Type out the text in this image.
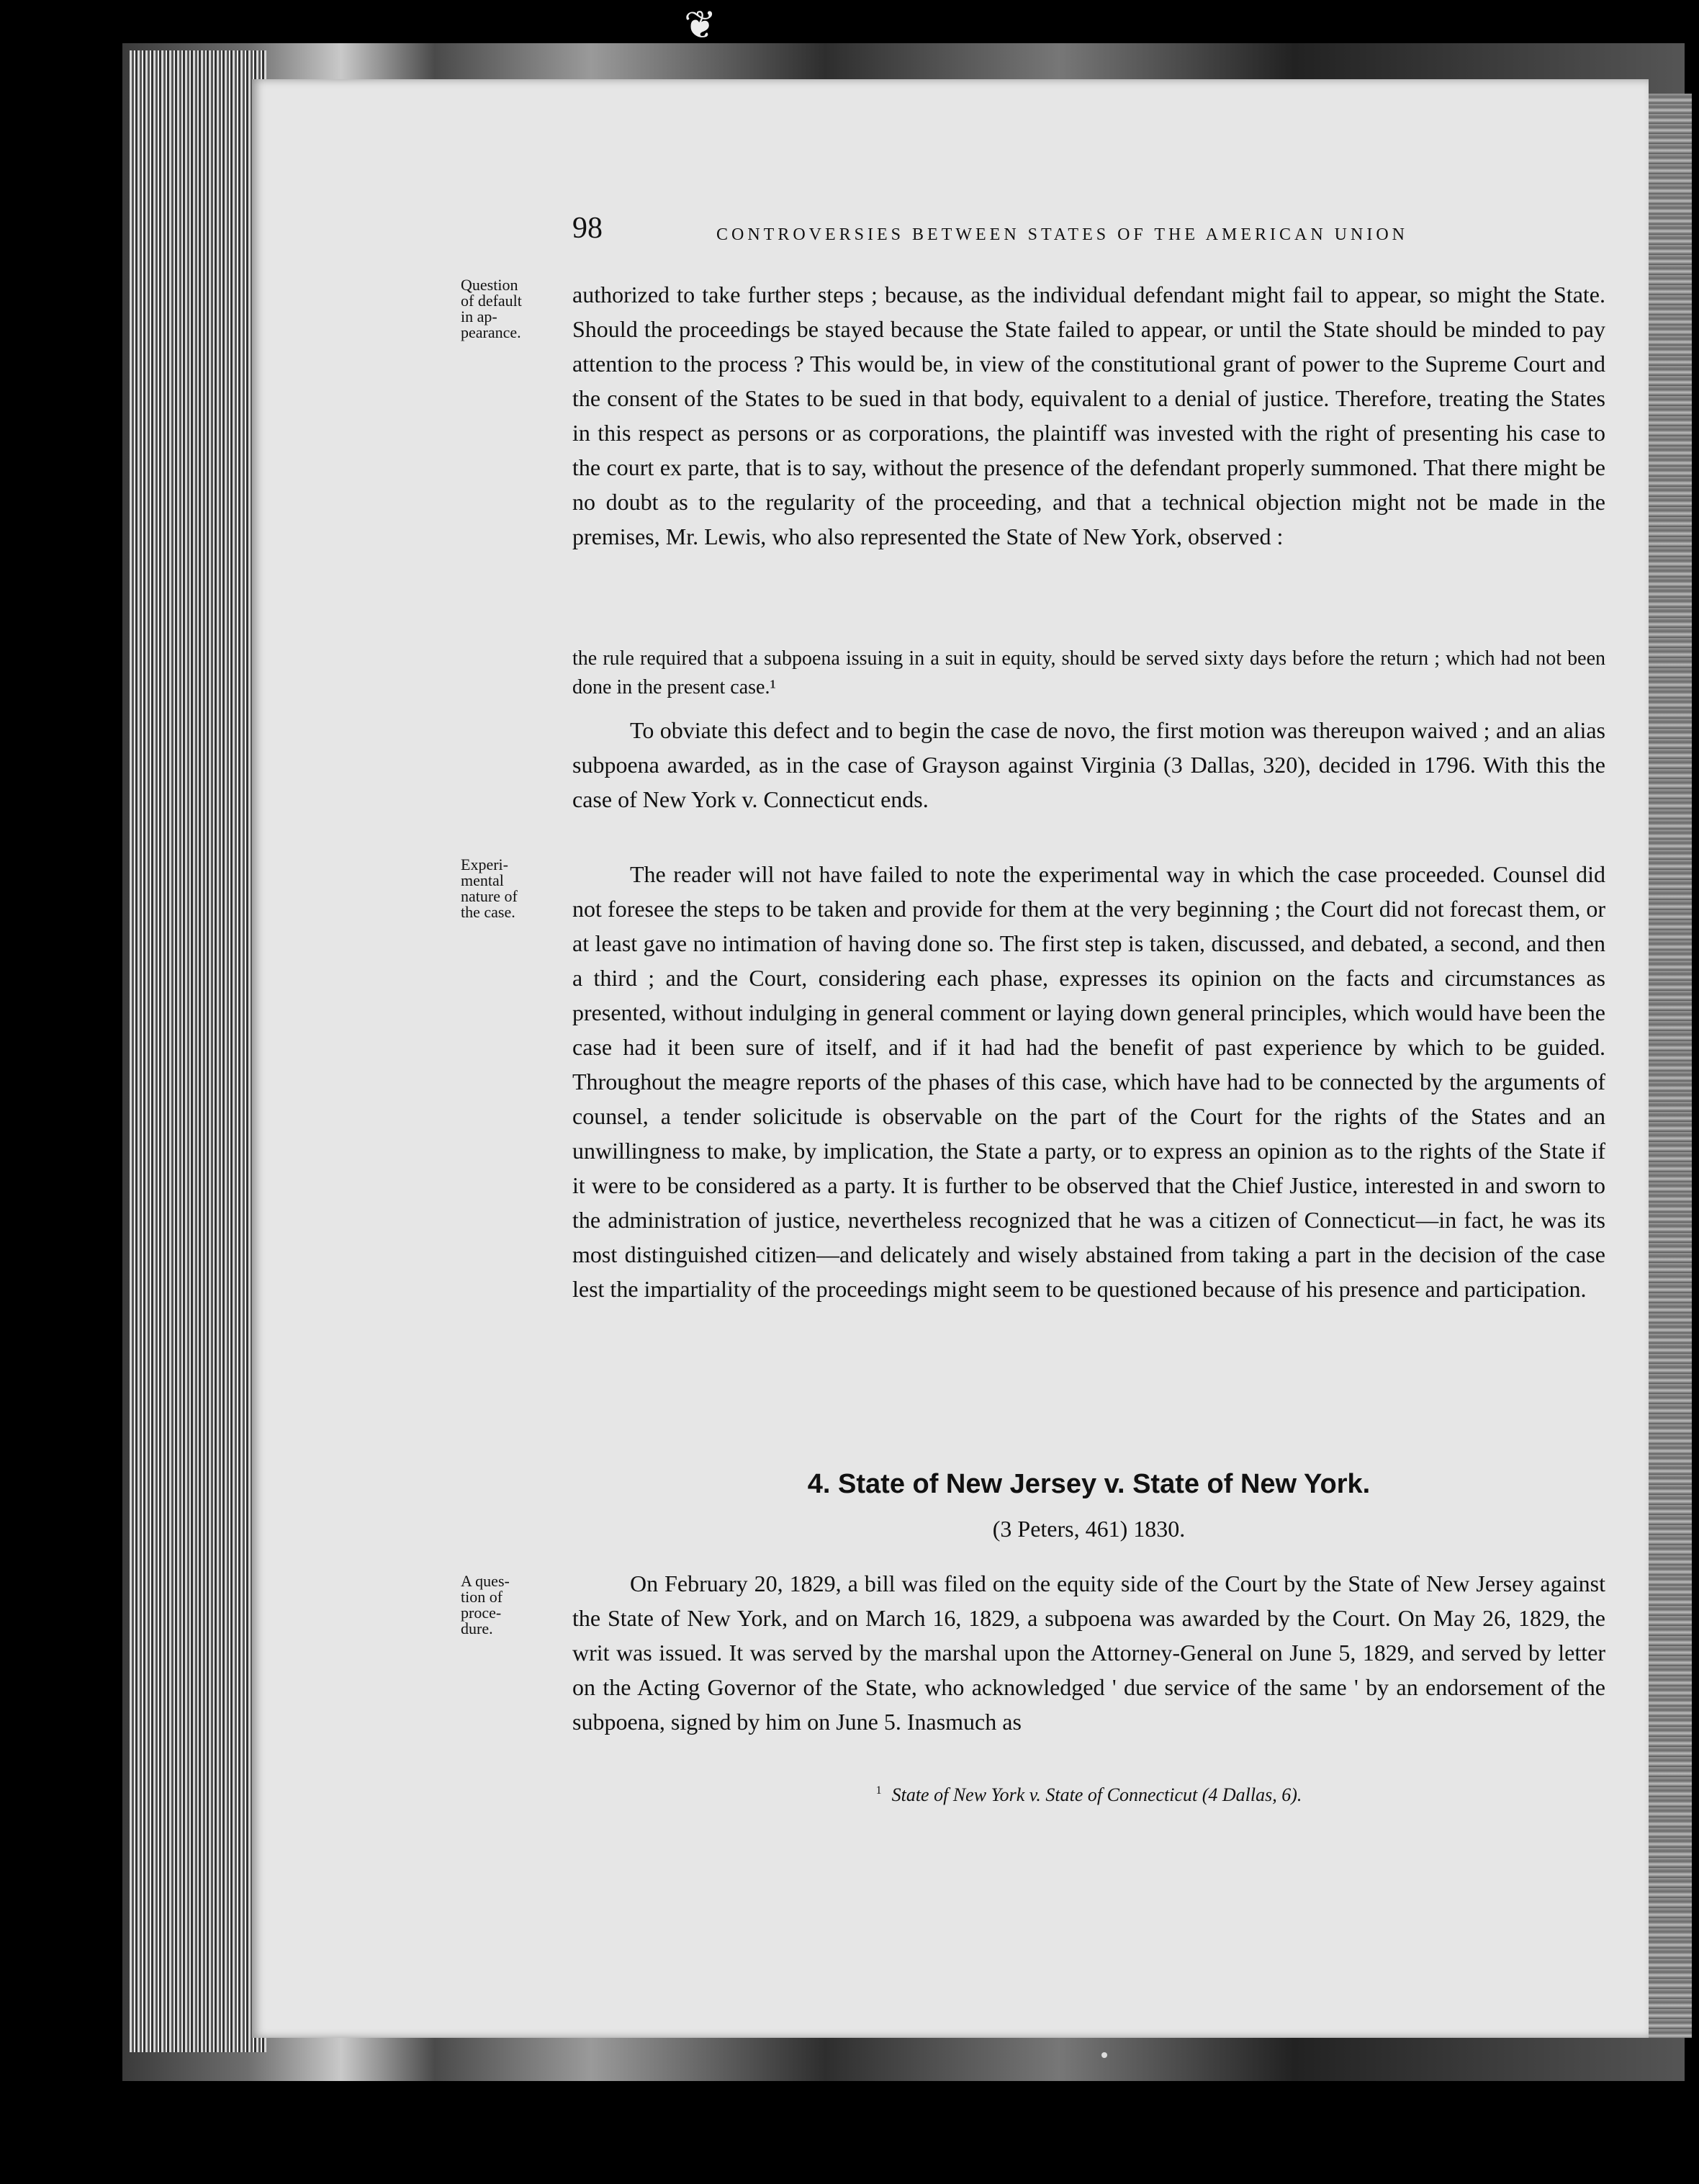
❦
98	CONTROVERSIES BETWEEN STATES OF THE AMERICAN UNION
Question
of default
in ap-
pearance.

authorized to take further steps ; because, as the individual defendant might fail to appear, so might the State. Should the proceedings be stayed because the State failed to appear, or until the State should be minded to pay attention to the process ? This would be, in view of the constitutional grant of power to the Supreme Court and the consent of the States to be sued in that body, equivalent to a denial of justice. Therefore, treating the States in this respect as persons or as corporations, the plaintiff was invested with the right of presenting his case to the court ex parte, that is to say, without the presence of the defendant properly summoned. That there might be no doubt as to the regularity of the proceeding, and that a technical objection might not be made in the premises, Mr. Lewis, who also represented the State of New York, observed :

the rule required that a subpoena issuing in a suit in equity, should be served sixty days before the return ; which had not been done in the present case.¹

To obviate this defect and to begin the case de novo, the first motion was thereupon waived ; and an alias subpoena awarded, as in the case of Grayson against Virginia (3 Dallas, 320), decided in 1796. With this the case of New York v. Connecticut ends.

Experi-
mental
nature of
the case.

The reader will not have failed to note the experimental way in which the case proceeded. Counsel did not foresee the steps to be taken and provide for them at the very beginning ; the Court did not forecast them, or at least gave no intimation of having done so. The first step is taken, discussed, and debated, a second, and then a third ; and the Court, considering each phase, expresses its opinion on the facts and circumstances as presented, without indulging in general comment or laying down general principles, which would have been the case had it been sure of itself, and if it had had the benefit of past experience by which to be guided. Throughout the meagre reports of the phases of this case, which have had to be connected by the arguments of counsel, a tender solicitude is observable on the part of the Court for the rights of the States and an unwillingness to make, by implication, the State a party, or to express an opinion as to the rights of the State if it were to be considered as a party. It is further to be observed that the Chief Justice, interested in and sworn to the administration of justice, nevertheless recognized that he was a citizen of Connecticut—in fact, he was its most distinguished citizen—and delicately and wisely abstained from taking a part in the decision of the case lest the impartiality of the proceedings might seem to be questioned because of his presence and participation.

4. State of New Jersey v. State of New York.
(3 Peters, 461) 1830.
A ques-
tion of
proce-
dure.

On February 20, 1829, a bill was filed on the equity side of the Court by the State of New Jersey against the State of New York, and on March 16, 1829, a subpoena was awarded by the Court. On May 26, 1829, the writ was issued. It was served by the marshal upon the Attorney-General on June 5, 1829, and served by letter on the Acting Governor of the State, who acknowledged ' due service of the same ' by an endorsement of the subpoena, signed by him on June 5. Inasmuch as

$^1$ State of New York v. State of Connecticut (4 Dallas, 6).
